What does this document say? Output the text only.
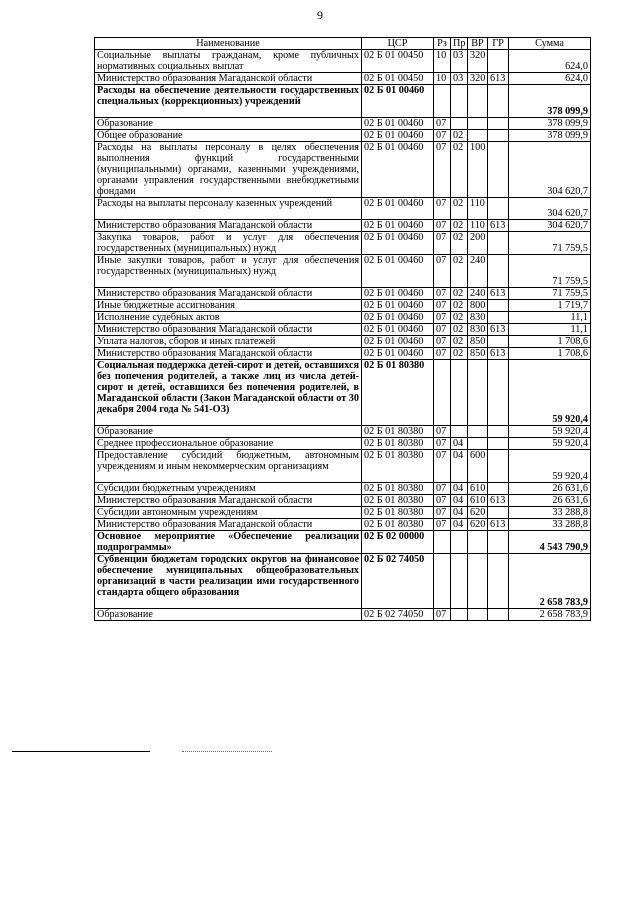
9
Наименование	ЦСР	Рз	Пр	ВР	ГР	Сумма
Социальные выплаты гражданам, кроме публичных нормативных социальных выплат	02 Б 01 00450	10	03	320		624,0
Министерство образования Магаданской области	02 Б 01 00450	10	03	320	613	624,0
Расходы на обеспечение деятельности государственных специальных (коррекционных) учреждений	02 Б 01 00460					378 099,9
Образование	02 Б 01 00460	07				378 099,9
Общее образование	02 Б 01 00460	07	02			378 099,9
Расходы на выплаты персоналу в целях обеспечения выполнения функций государственными (муниципальными) органами, казенными учреждениями, органами управления государственными внебюджетными фондами	02 Б 01 00460	07	02	100		304 620,7
Расходы на выплаты персоналу казенных учреждений	02 Б 01 00460	07	02	110		304 620,7
Министерство образования Магаданской области	02 Б 01 00460	07	02	110	613	304 620,7
Закупка товаров, работ и услуг для обеспечения государственных (муниципальных) нужд	02 Б 01 00460	07	02	200		71 759,5
Иные закупки товаров, работ и услуг для обеспечения государственных (муниципальных) нужд	02 Б 01 00460	07	02	240		71 759,5
Министерство образования Магаданской области	02 Б 01 00460	07	02	240	613	71 759,5
Иные бюджетные ассигнования	02 Б 01 00460	07	02	800		1 719,7
Исполнение судебных актов	02 Б 01 00460	07	02	830		11,1
Министерство образования Магаданской области	02 Б 01 00460	07	02	830	613	11,1
Уплата налогов, сборов и иных платежей	02 Б 01 00460	07	02	850		1 708,6
Министерство образования Магаданской области	02 Б 01 00460	07	02	850	613	1 708,6
Социальная поддержка детей-сирот и детей, оставшихся без попечения родителей, а также лиц из числа детей-сирот и детей, оставшихся без попечения родителей, в Магаданской области (Закон Магаданской области от 30 декабря 2004 года № 541-ОЗ)	02 Б 01 80380					59 920,4
Образование	02 Б 01 80380	07				59 920,4
Среднее профессиональное образование	02 Б 01 80380	07	04			59 920,4
Предоставление субсидий бюджетным, автономным учреждениям и иным некоммерческим организациям	02 Б 01 80380	07	04	600		59 920,4
Субсидии бюджетным учреждениям	02 Б 01 80380	07	04	610		26 631,6
Министерство образования Магаданской области	02 Б 01 80380	07	04	610	613	26 631,6
Субсидии автономным учреждениям	02 Б 01 80380	07	04	620		33 288,8
Министерство образования Магаданской области	02 Б 01 80380	07	04	620	613	33 288,8
Основное мероприятие «Обеспечение реализации подпрограммы»	02 Б 02 00000					4 543 790,9
Субвенции бюджетам городских округов на финансовое обеспечение муниципальных общеобразовательных организаций в части реализации ими государственного стандарта общего образования	02 Б 02 74050					2 658 783,9
Образование	02 Б 02 74050	07				2 658 783,9
